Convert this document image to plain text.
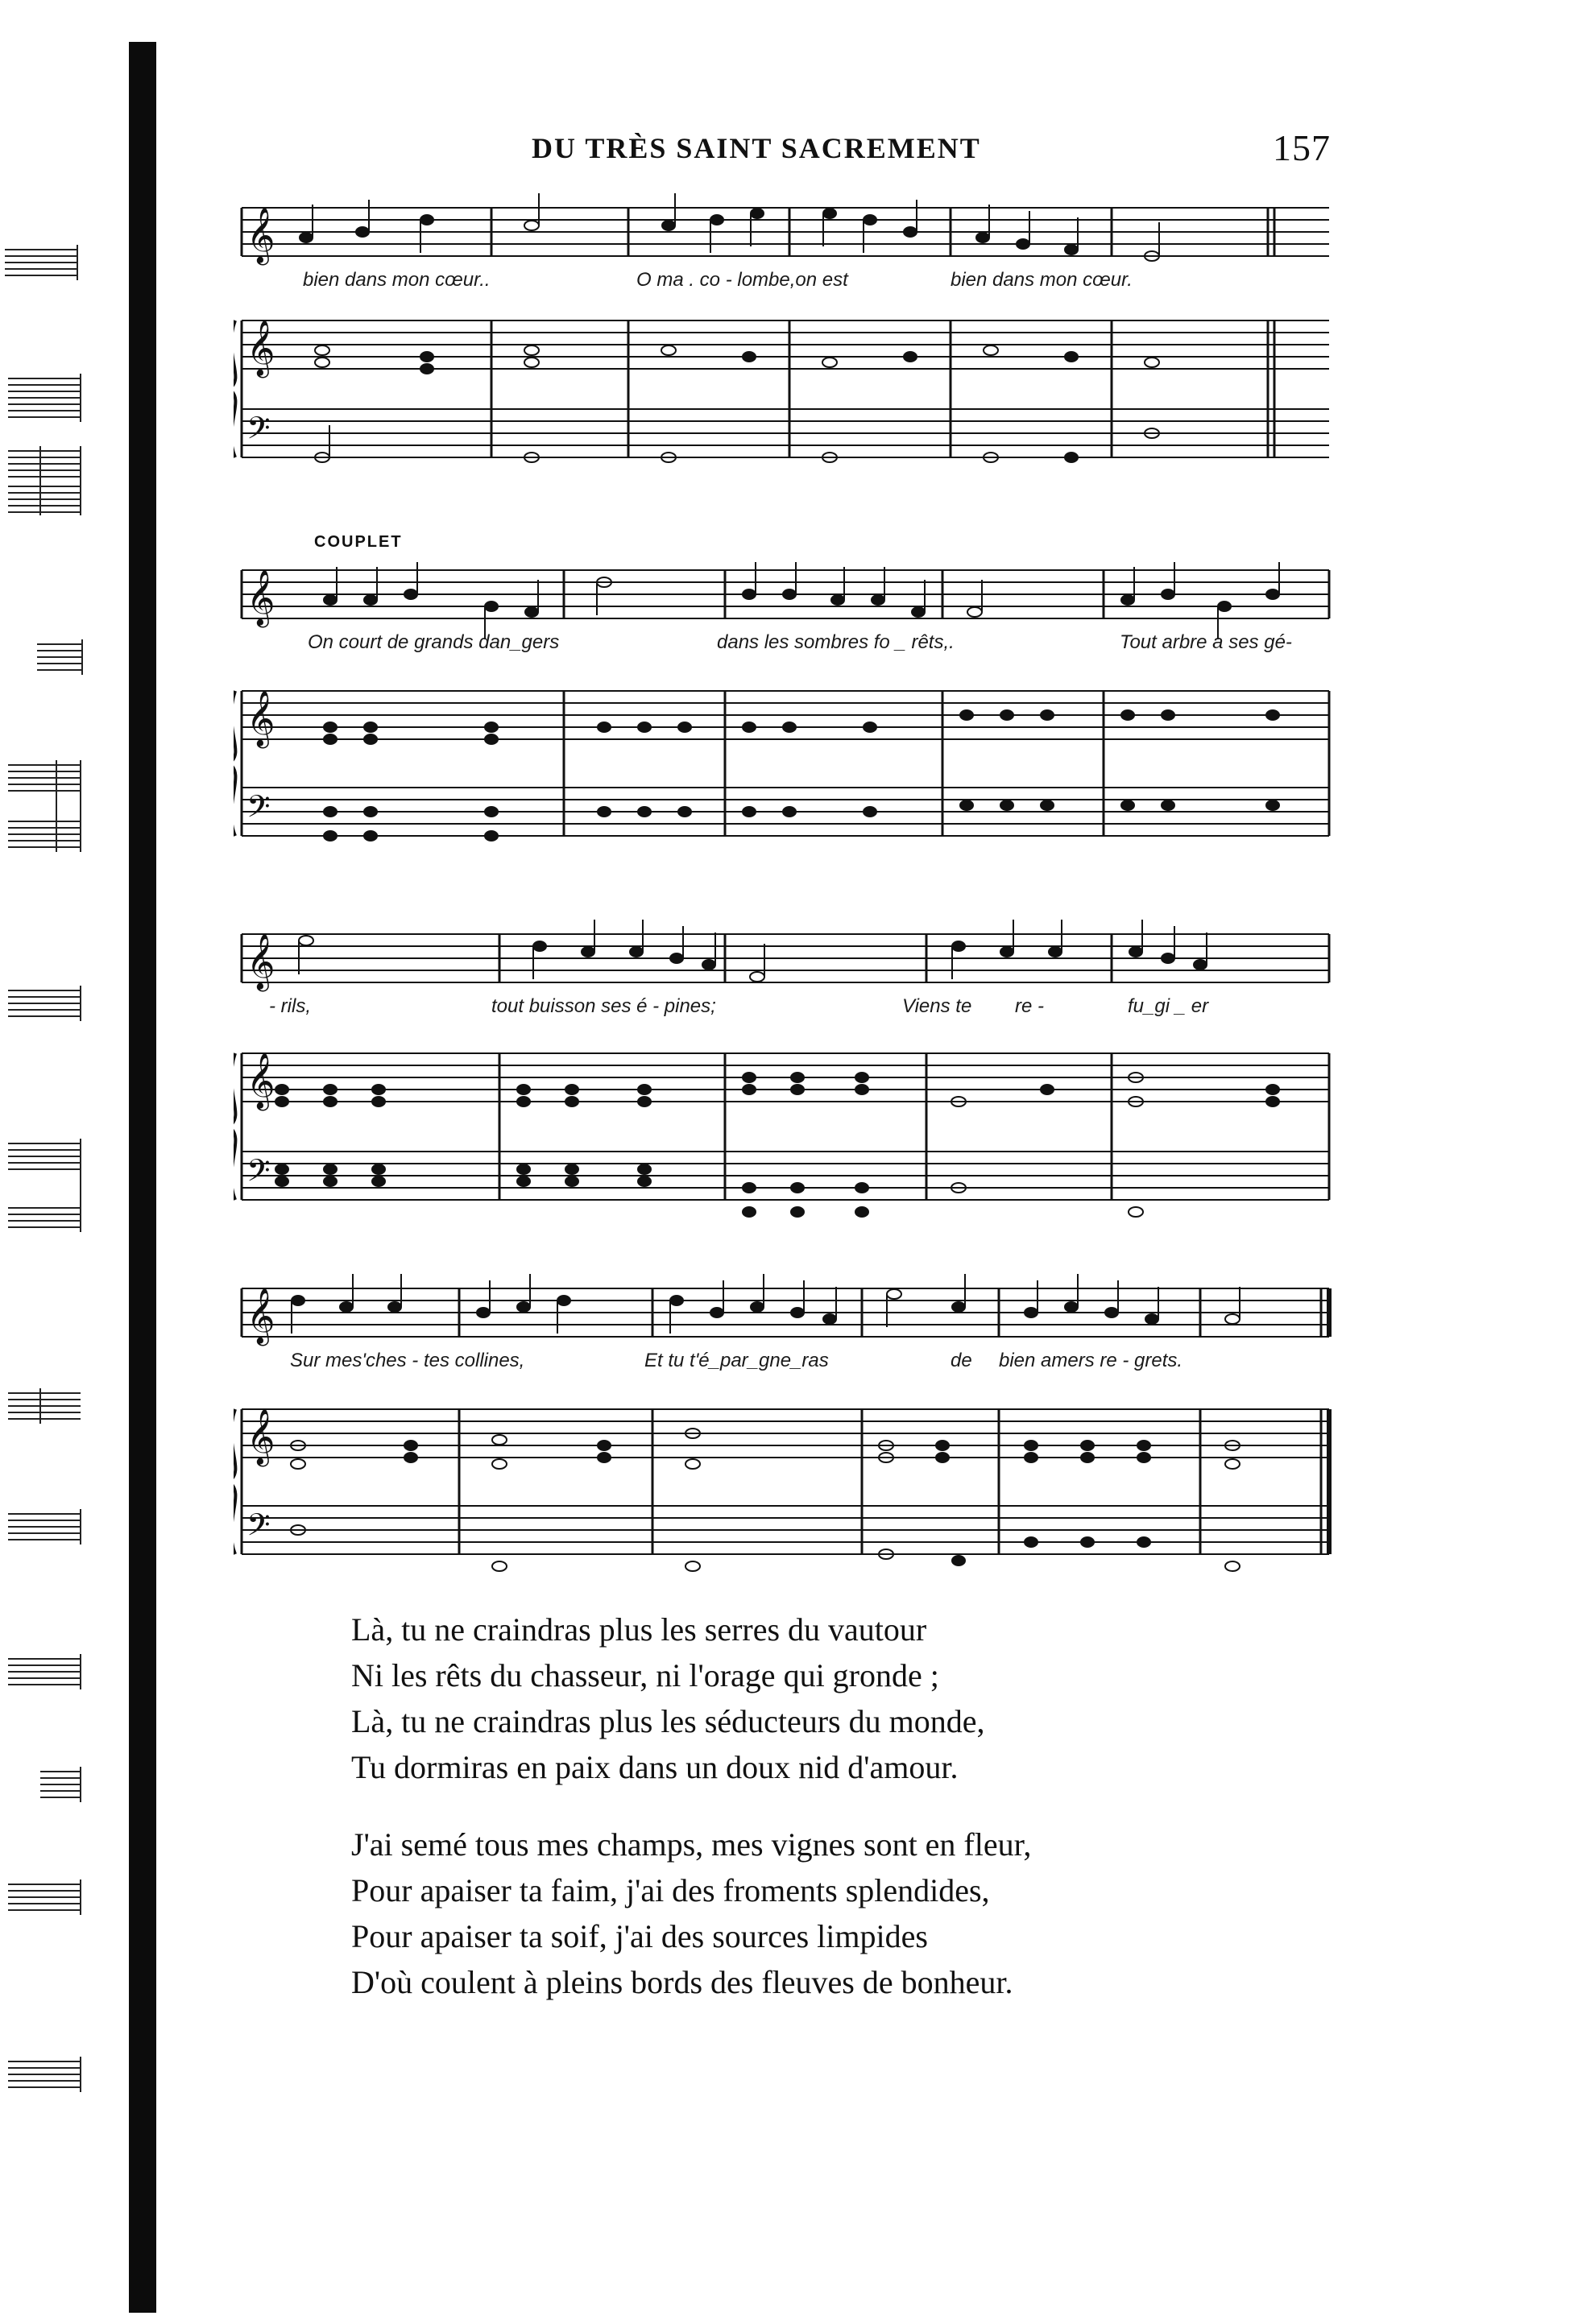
DU TRÈS SAINT SACREMENT	157
𝄞
𝄞
𝄢
bien dans mon cœur..	O ma . co - lombe,on est	bien dans mon cœur.
COUPLET
𝄞
𝄞
𝄢
On court de grands dan_gers	dans les sombres fo _ rêts,.	Tout arbre a ses gé-
𝄞
𝄞
𝄢
- rils,	tout buisson ses é - pines;	Viens te re -	fu_gi _ er
𝄞
𝄞
𝄢
Sur mes'ches - tes collines,	Et tu t'é_par_gne_ras	de bien amers re - grets.
Là, tu ne craindras plus les serres du vautour
Ni les rêts du chasseur, ni l'orage qui gronde ;
Là, tu ne craindras plus les séducteurs du monde,
Tu dormiras en paix dans un doux nid d'amour.
J'ai semé tous mes champs, mes vignes sont en fleur,
Pour apaiser ta faim, j'ai des froments splendides,
Pour apaiser ta soif, j'ai des sources limpides
D'où coulent à pleins bords des fleuves de bonheur.
